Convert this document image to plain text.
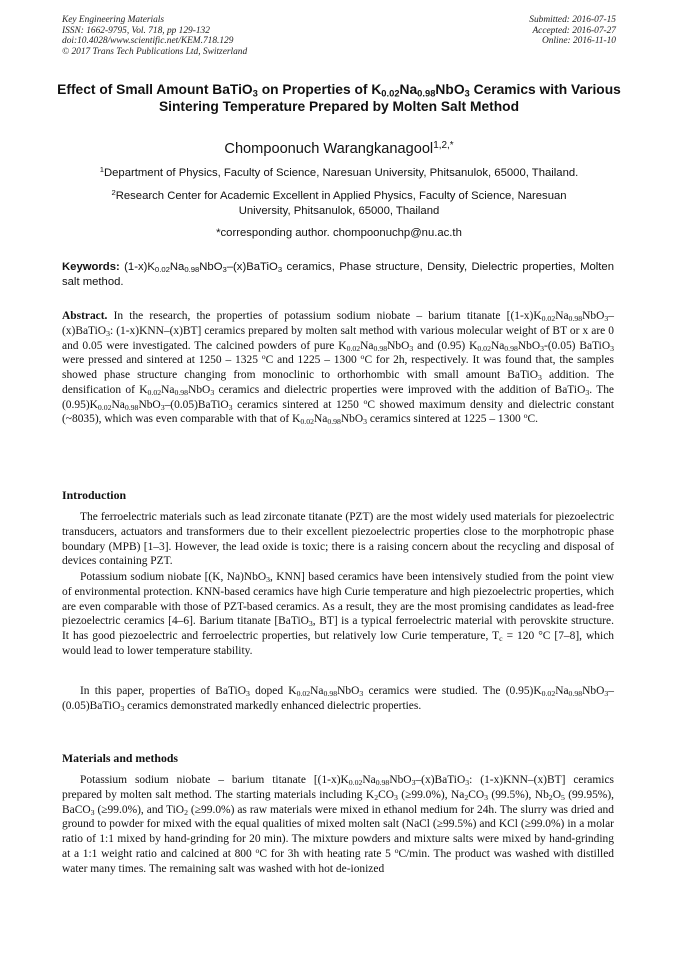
Key Engineering Materials
ISSN: 1662-9795, Vol. 718, pp 129-132
doi:10.4028/www.scientific.net/KEM.718.129
© 2017 Trans Tech Publications Ltd, Switzerland
Submitted: 2016-07-15
Accepted: 2016-07-27
Online: 2016-11-10
Effect of Small Amount BaTiO$_3$ on Properties of $K_{0.02}Na_{0.98}NbO_3$ Ceramics with Various Sintering Temperature Prepared by Molten Salt Method
Chompoonuch Warangkanagool$^{1,2,*}$
$^1$Department of Physics, Faculty of Science, Naresuan University, Phitsanulok, 65000, Thailand.
$^2$Research Center for Academic Excellent in Applied Physics, Faculty of Science, Naresuan
University, Phitsanulok, 65000, Thailand
*corresponding author. chompoonuchp@nu.ac.th
Keywords: $(1-x)K_{0.02}Na_{0.98}NbO_3-(x)BaTiO_3$ ceramics, Phase structure, Density, Dielectric properties, Molten salt method.
Abstract. In the research, the properties of potassium sodium niobate – barium titanate [$(1-x)K_{0.02}Na_{0.98}NbO_3-(x)BaTiO_3$: (1-x)KNN–(x)BT] ceramics prepared by molten salt method with various molecular weight of BT or x are 0 and 0.05 were investigated. The calcined powders of pure $K_{0.02}Na_{0.98}NbO_3$ and (0.95) $K_{0.02}Na_{0.98}NbO_3-(0.05)$ BaTiO$_3$ were pressed and sintered at 1250 – 1325 $^o$C and 1225 – 1300 $^o$C for 2h, respectively. It was found that, the samples showed phase structure changing from monoclinic to orthorhombic with small amount BaTiO$_3$ addition. The densification of $K_{0.02}Na_{0.98}NbO_3$ ceramics and dielectric properties were improved with the addition of BaTiO$_3$. The $(0.95)K_{0.02}Na_{0.98}NbO_3-(0.05)BaTiO_3$ ceramics sintered at 1250 $^o$C showed maximum density and dielectric constant (~8035), which was even comparable with that of $K_{0.02}Na_{0.98}NbO_3$ ceramics sintered at 1225 – 1300 $^o$C.
Introduction
The ferroelectric materials such as lead zirconate titanate (PZT) are the most widely used materials for piezoelectric transducers, actuators and transformers due to their excellent piezoelectric properties close to the morphotropic phase boundary (MPB) [1–3]. However, the lead oxide is toxic; there is a raising concern about the recycling and disposal of devices containing PZT.
Potassium sodium niobate [(K, Na)NbO$_3$, KNN] based ceramics have been intensively studied from the point view of environmental protection. KNN-based ceramics have high Curie temperature and high piezoelectric properties, which are even comparable with those of PZT-based ceramics. As a result, they are the most promising candidates as lead-free piezoelectric ceramics [4–6]. Barium titanate [BaTiO$_3$, BT] is a typical ferroelectric material with perovskite structure. It has good piezoelectric and ferroelectric properties, but relatively low Curie temperature, $T_c = 120$ °C [7–8], which would lead to lower temperature stability.
In this paper, properties of BaTiO$_3$ doped $K_{0.02}Na_{0.98}NbO_3$ ceramics were studied. The $(0.95)K_{0.02}Na_{0.98}NbO_3-(0.05)BaTiO_3$ ceramics demonstrated markedly enhanced dielectric properties.
Materials and methods
Potassium sodium niobate – barium titanate [$(1-x)K_{0.02}Na_{0.98}NbO_3-(x)BaTiO_3$: (1-x)KNN–(x)BT] ceramics prepared by molten salt method. The starting materials including $K_2CO_3$ (≥99.0%), $Na_2CO_3$ (99.5%), $Nb_2O_5$ (99.95%), BaCO$_3$ (≥99.0%), and TiO$_2$ (≥99.0%) as raw materials were mixed in ethanol medium for 24h. The slurry was dried and ground to powder for mixed with the equal qualities of mixed molten salt (NaCl (≥99.5%) and KCl (≥99.0%) in a molar ratio of 1:1 mixed by hand-grinding for 20 min). The mixture powders and mixture salts were mixed by hand-grinding at a 1:1 weight ratio and calcined at 800 $^o$C for 3h with heating rate 5 $^o$C/min. The product was washed with distilled water many times. The remaining salt was washed with hot de-ionized
